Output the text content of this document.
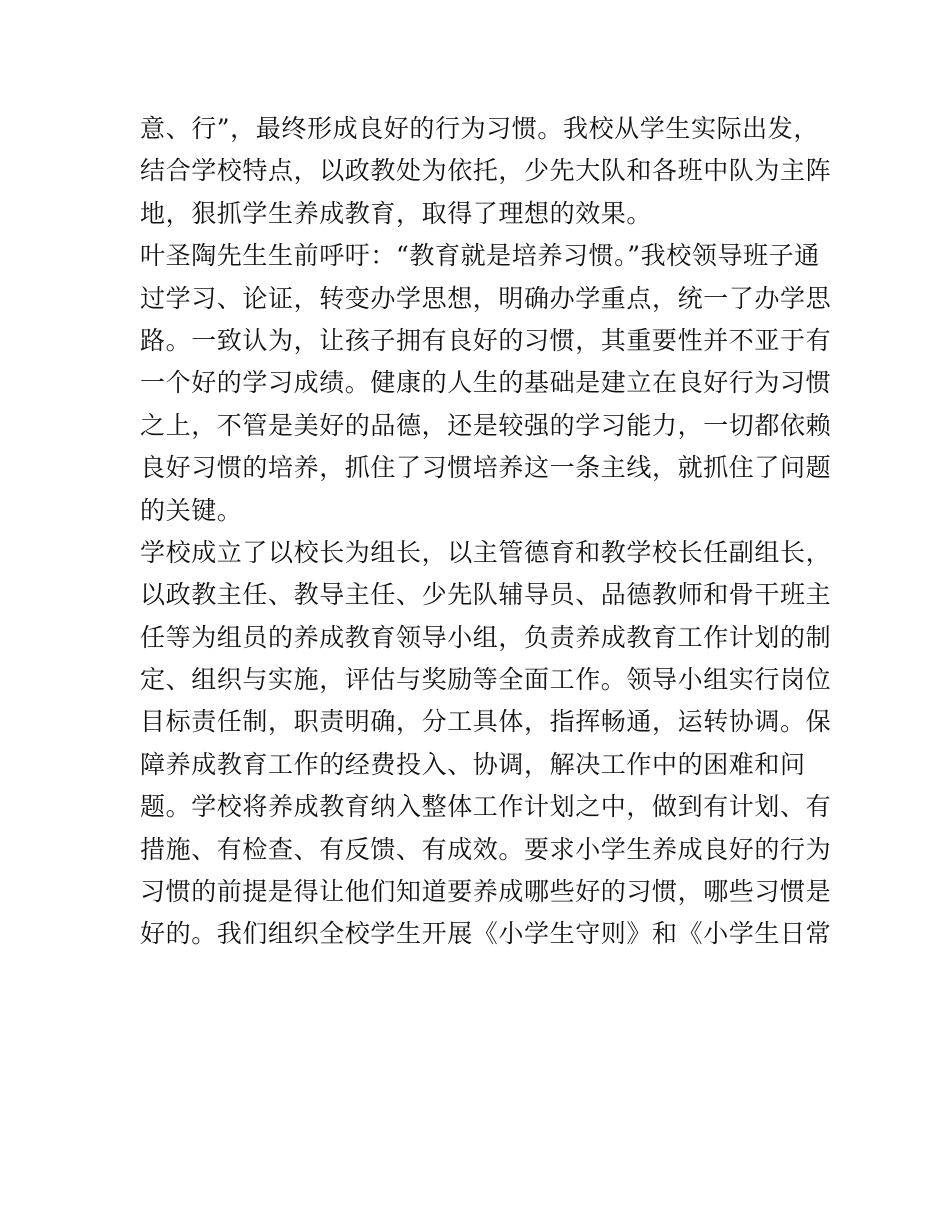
意、行”，最终形成良好的行为习惯。我校从学生实际出发，
结合学校特点，以政教处为依托，少先大队和各班中队为主阵
地，狠抓学生养成教育，取得了理想的效果。
叶圣陶先生生前呼吁：“教育就是培养习惯。”我校领导班子通
过学习、论证，转变办学思想，明确办学重点，统一了办学思
路。一致认为，让孩子拥有良好的习惯，其重要性并不亚于有
一个好的学习成绩。健康的人生的基础是建立在良好行为习惯
之上，不管是美好的品德，还是较强的学习能力，一切都依赖
良好习惯的培养，抓住了习惯培养这一条主线，就抓住了问题
的关键。
学校成立了以校长为组长，以主管德育和教学校长任副组长，
以政教主任、教导主任、少先队辅导员、品德教师和骨干班主
任等为组员的养成教育领导小组，负责养成教育工作计划的制
定、组织与实施，评估与奖励等全面工作。领导小组实行岗位
目标责任制，职责明确，分工具体，指挥畅通，运转协调。保
障养成教育工作的经费投入、协调，解决工作中的困难和问
题。学校将养成教育纳入整体工作计划之中，做到有计划、有
措施、有检查、有反馈、有成效。要求小学生养成良好的行为
习惯的前提是得让他们知道要养成哪些好的习惯，哪些习惯是
好的。我们组织全校学生开展《小学生守则》和《小学生日常
